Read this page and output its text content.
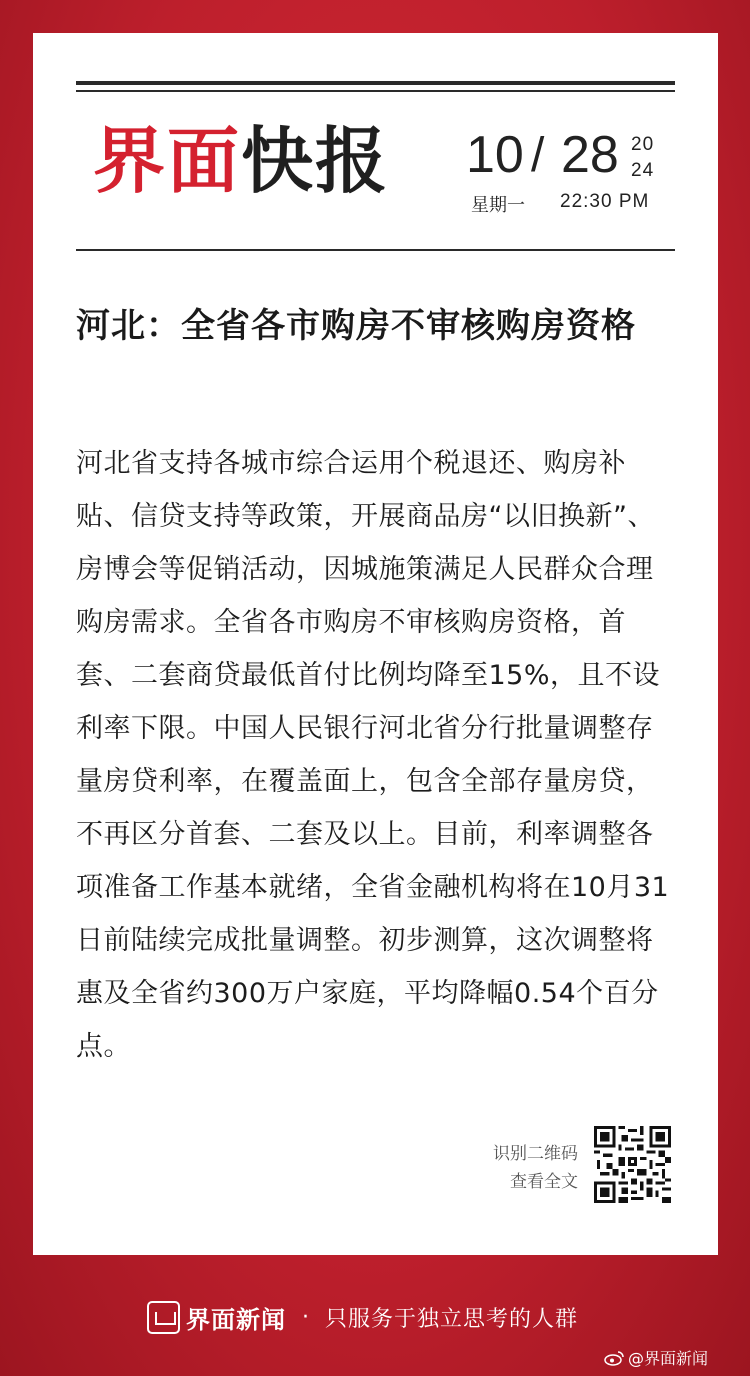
界面快报 10 / 28 20
24
星期一 22:30 PM
河北：全省各市购房不审核购房资格
河北省支持各城市综合运用个税退还、购房补贴、信贷支持等政策，开展商品房“以旧换新”、房博会等促销活动，因城施策满足人民群众合理购房需求。全省各市购房不审核购房资格，首套、二套商贷最低首付比例均降至15%，且不设利率下限。中国人民银行河北省分行批量调整存量房贷利率，在覆盖面上，包含全部存量房贷，不再区分首套、二套及以上。目前，利率调整各项准备工作基本就绪，全省金融机构将在10月31日前陆续完成批量调整。初步测算，这次调整将惠及全省约300万户家庭，平均降幅0.54个百分点。
识别二维码
查看全文
界面新闻 · 只服务于独立思考的人群
@界面新闻
